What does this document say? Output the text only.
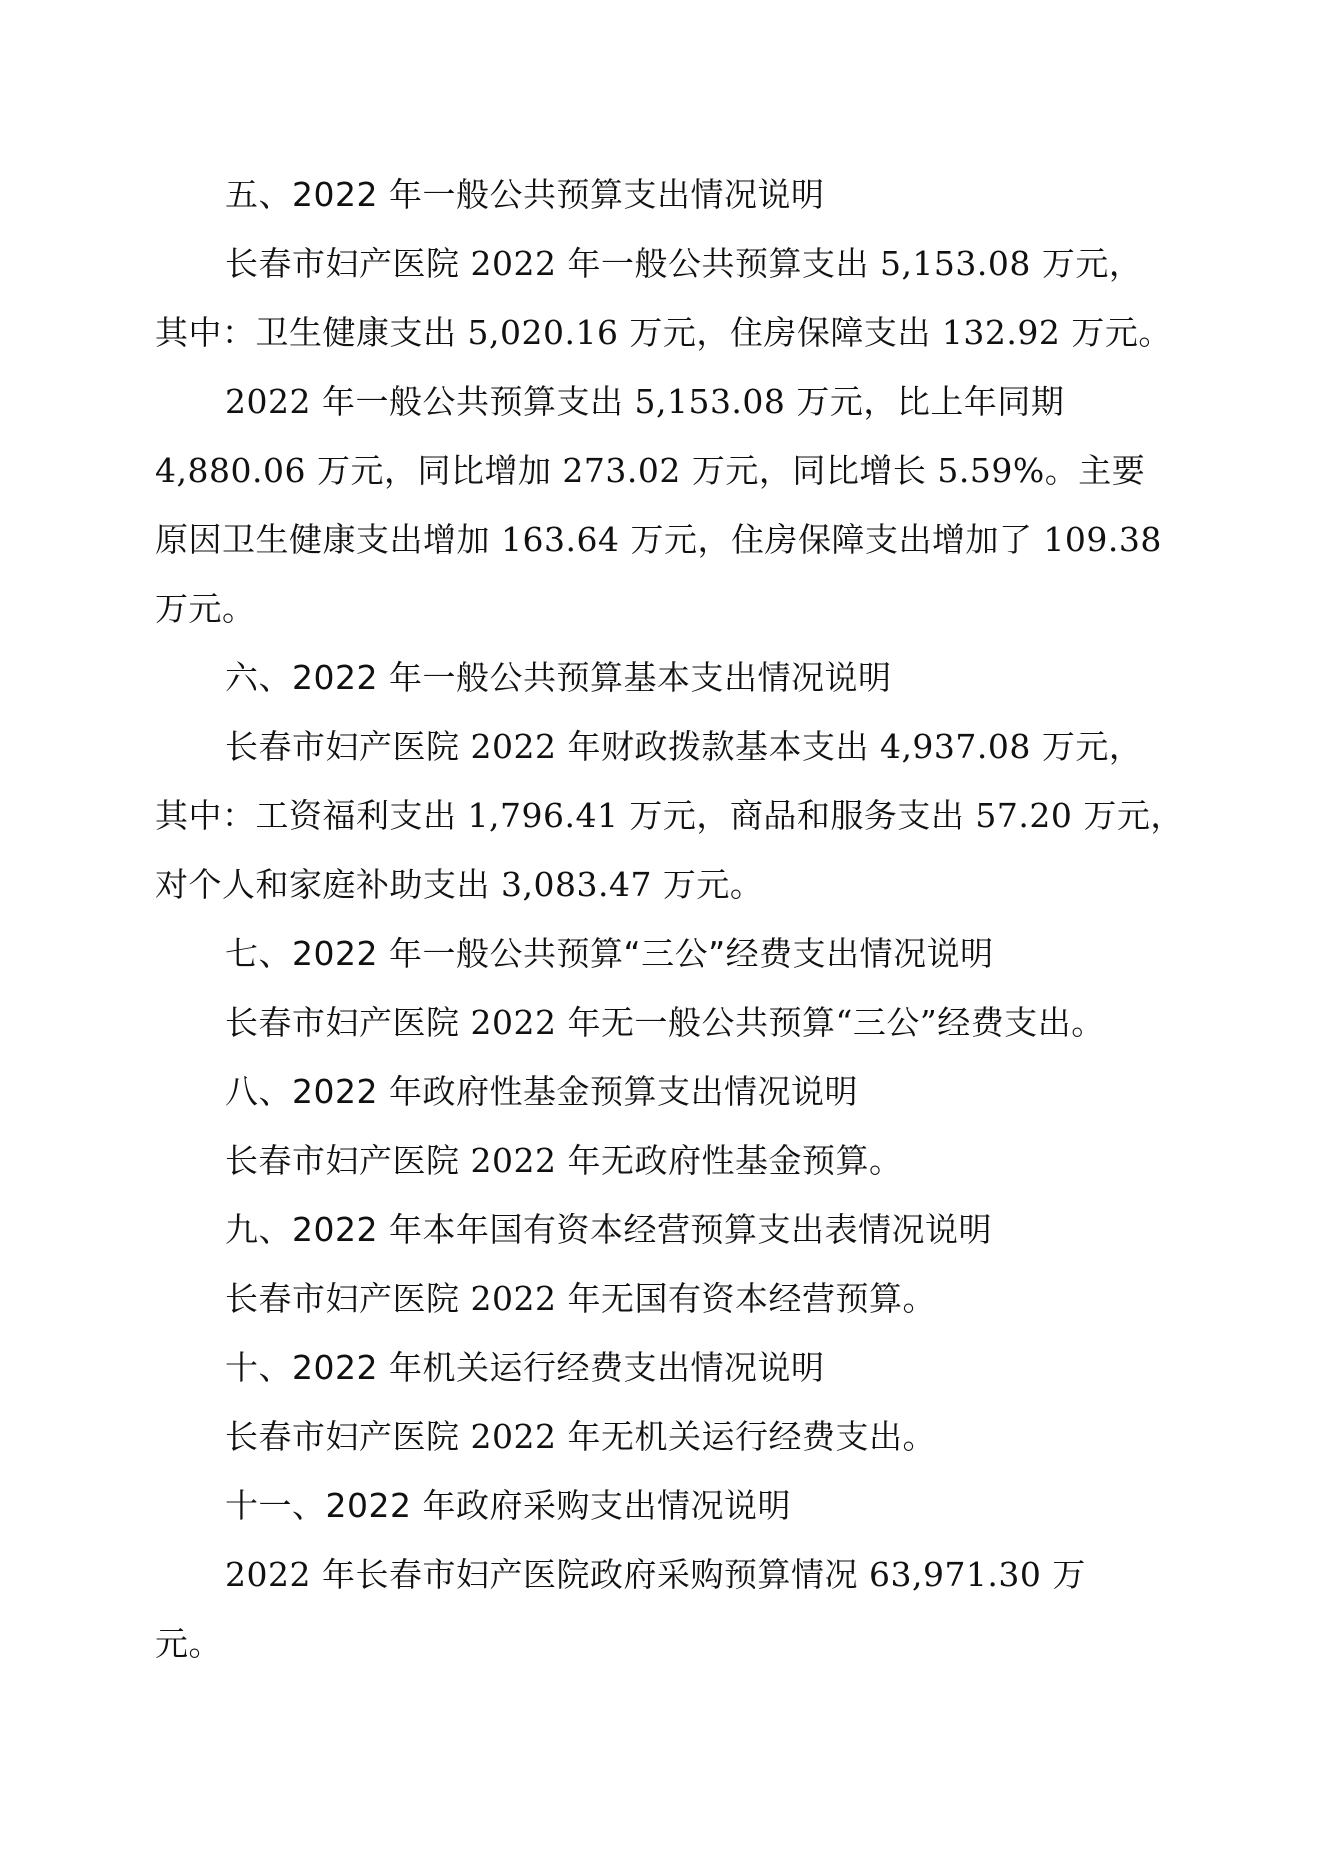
五、2022 年一般公共预算支出情况说明

长春市妇产医院 2022 年一般公共预算支出 5,153.08 万元，

其中：卫生健康支出 5,020.16 万元，住房保障支出 132.92 万元。

2022 年一般公共预算支出 5,153.08 万元，比上年同期

4,880.06 万元，同比增加 273.02 万元，同比增长 5.59%。主要

原因卫生健康支出增加 163.64 万元，住房保障支出增加了 109.38

万元。

六、2022 年一般公共预算基本支出情况说明

长春市妇产医院 2022 年财政拨款基本支出 4,937.08 万元，

其中：工资福利支出 1,796.41 万元，商品和服务支出 57.20 万元，

对个人和家庭补助支出 3,083.47 万元。

七、2022 年一般公共预算“三公”经费支出情况说明

长春市妇产医院 2022 年无一般公共预算“三公”经费支出。

八、2022 年政府性基金预算支出情况说明

长春市妇产医院 2022 年无政府性基金预算。

九、2022 年本年国有资本经营预算支出表情况说明

长春市妇产医院 2022 年无国有资本经营预算。

十、2022 年机关运行经费支出情况说明

长春市妇产医院 2022 年无机关运行经费支出。

十一、2022 年政府采购支出情况说明

2022 年长春市妇产医院政府采购预算情况 63,971.30 万

元。
